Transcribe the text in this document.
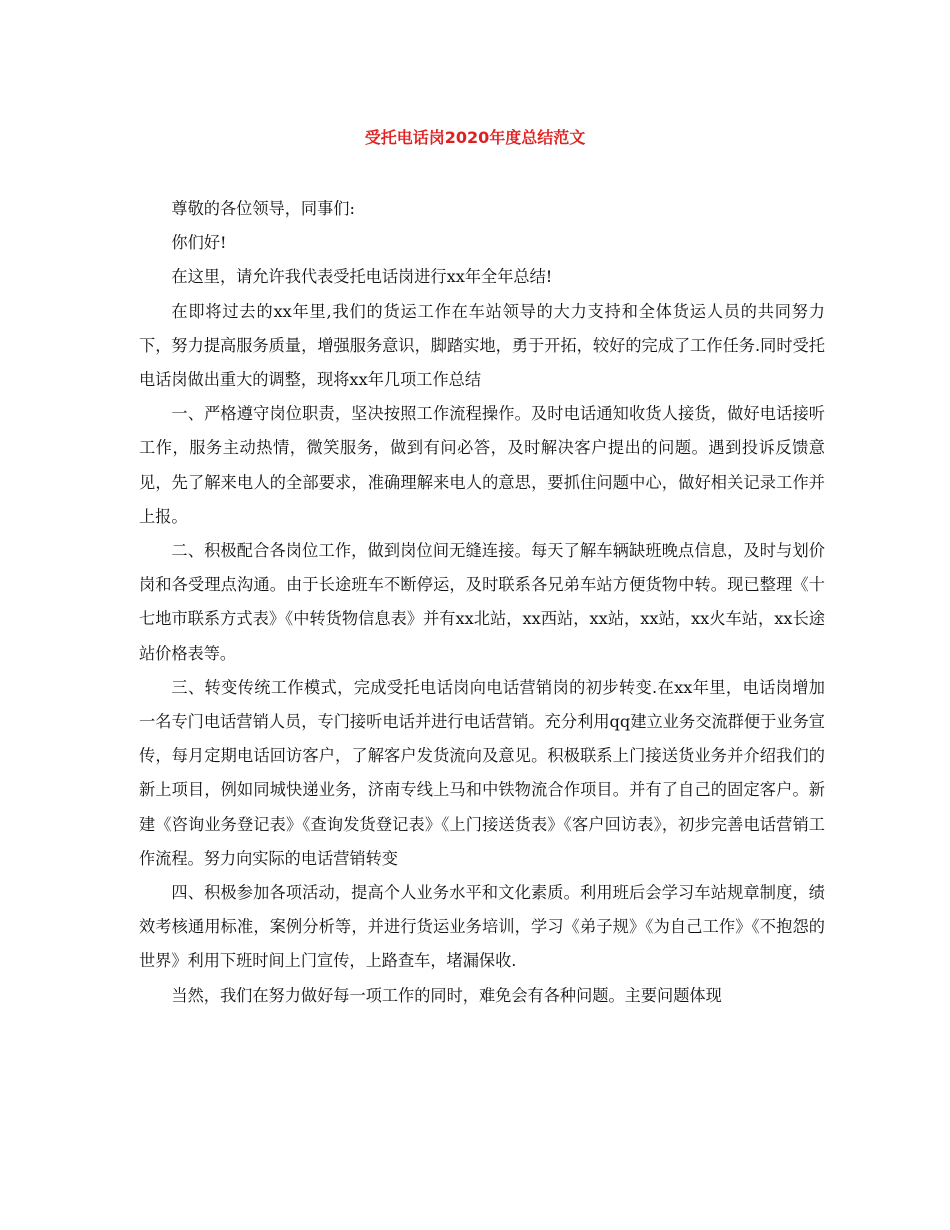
受托电话岗2020年度总结范文

尊敬的各位领导，同事们:

你们好!

在这里，请允许我代表受托电话岗进行xx年全年总结!

在即将过去的xx年里,我们的货运工作在车站领导的大力支持和全体货运人员的共同努力下，努力提高服务质量，增强服务意识，脚踏实地，勇于开拓，较好的完成了工作任务.同时受托电话岗做出重大的调整，现将xx年几项工作总结

一、严格遵守岗位职责，坚决按照工作流程操作。及时电话通知收货人接货，做好电话接听工作，服务主动热情，微笑服务，做到有问必答，及时解决客户提出的问题。遇到投诉反馈意见，先了解来电人的全部要求，准确理解来电人的意思，要抓住问题中心，做好相关记录工作并上报。

二、积极配合各岗位工作，做到岗位间无缝连接。每天了解车辆缺班晚点信息，及时与划价岗和各受理点沟通。由于长途班车不断停运，及时联系各兄弟车站方便货物中转。现已整理《十七地市联系方式表》《中转货物信息表》并有xx北站，xx西站，xx站，xx站，xx火车站，xx长途站价格表等。

三、转变传统工作模式，完成受托电话岗向电话营销岗的初步转变.在xx年里，电话岗增加一名专门电话营销人员，专门接听电话并进行电话营销。充分利用qq建立业务交流群便于业务宣传，每月定期电话回访客户，了解客户发货流向及意见。积极联系上门接送货业务并介绍我们的新上项目，例如同城快递业务，济南专线上马和中铁物流合作项目。并有了自己的固定客户。新建《咨询业务登记表》《查询发货登记表》《上门接送货表》《客户回访表》，初步完善电话营销工作流程。努力向实际的电话营销转变

四、积极参加各项活动，提高个人业务水平和文化素质。利用班后会学习车站规章制度，绩效考核通用标准，案例分析等，并进行货运业务培训，学习《弟子规》《为自己工作》《不抱怨的世界》利用下班时间上门宣传，上路查车，堵漏保收.

当然，我们在努力做好每一项工作的同时，难免会有各种问题。主要问题体现
